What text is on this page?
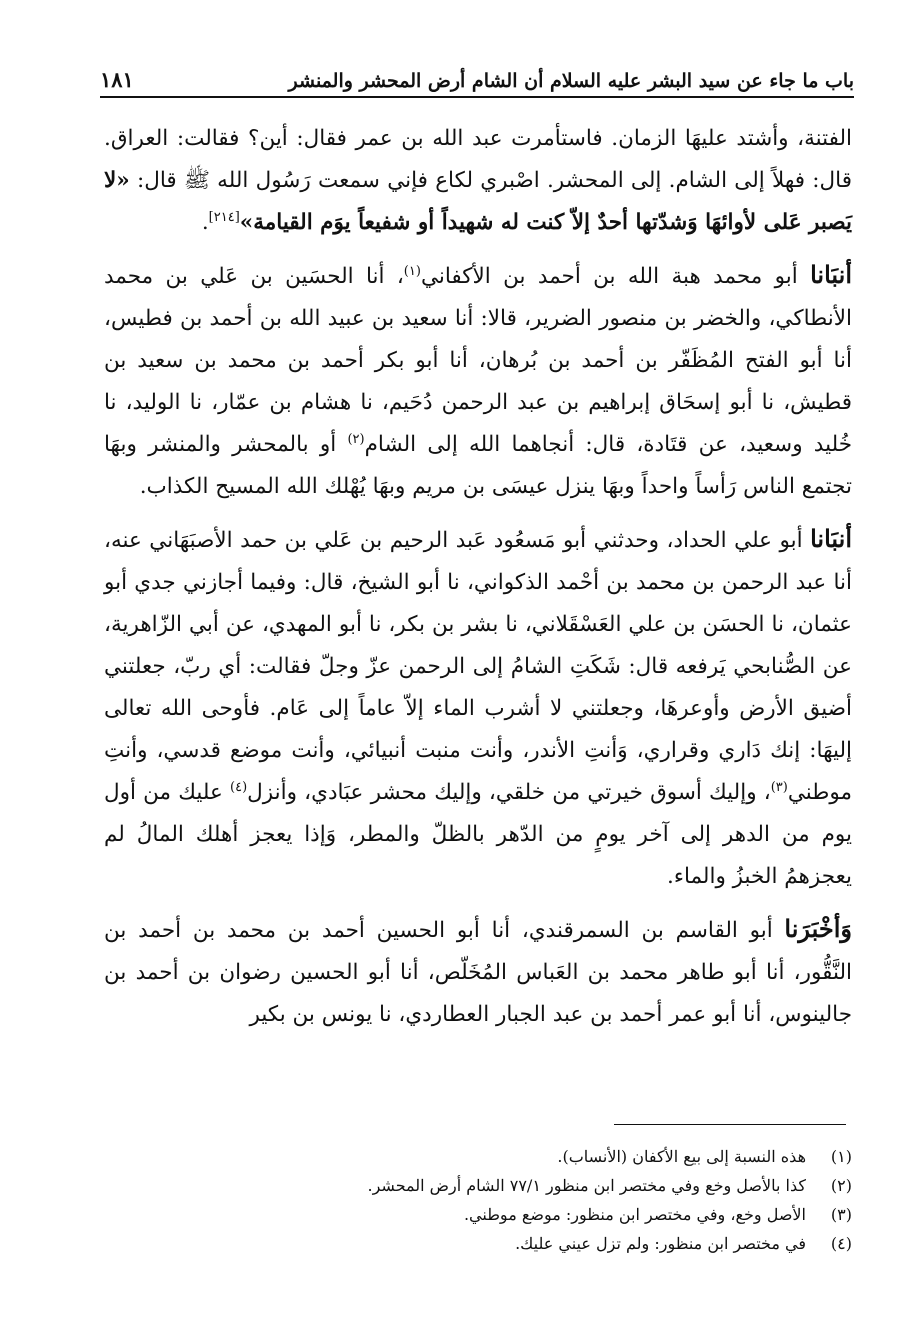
باب ما جاء عن سيد البشر عليه السلام أن الشام أرض المحشر والمنشر
١٨١

الفتنة، وأشتد عليهَا الزمان. فاستأمرت عبد الله بن عمر فقال: أين؟ فقالت: العراق. قال: فهلاً إلى الشام. إلى المحشر. اصْبري لكاع فإني سمعت رَسُول الله ﷺ قال: «لا يَصبر عَلى لأوائهَا وَشدّتها أحدٌ إلاّ كنت له شهيداً أو شفيعاً يوَم القيامة»[٢١٤].

أنبَانا أبو محمد هبة الله بن أحمد بن الأكفاني$^{(١)}$، أنا الحسَين بن عَلي بن محمد الأنطاكي، والخضر بن منصور الضرير، قالا: أنا سعيد بن عبيد الله بن أحمد بن فطيس، أنا أبو الفتح المُظَفّر بن أحمد بن بُرهان، أنا أبو بكر أحمد بن محمد بن سعيد بن قطيش، نا أبو إسحَاق إبراهيم بن عبد الرحمن دُحَيم، نا هشام بن عمّار، نا الوليد، نا خُليد وسعيد، عن قتَادة، قال: أنجاهما الله إلى الشام$^{(٢)}$ أو بالمحشر والمنشر وبهَا تجتمع الناس رَأساً واحداً وبهَا ينزل عيسَى بن مريم وبهَا يُهْلك الله المسيح الكذاب.

أنبَانا أبو علي الحداد، وحدثني أبو مَسعُود عَبد الرحيم بن عَلي بن حمد الأصبَهَاني عنه، أنا عبد الرحمن بن محمد بن أحْمد الذكواني، نا أبو الشيخ، قال: وفيما أجازني جدي أبو عثمان، نا الحسَن بن علي العَسْقَلاني، نا بشر بن بكر، نا أبو المهدي، عن أبي الزّاهرية، عن الصُّنابحي يَرفعه قال: شَكَتِ الشامُ إلى الرحمن عزّ وجلّ فقالت: أي ربّ، جعلتني أضيق الأرض وأوعرهَا، وجعلتني لا أشرب الماء إلاّ عاماً إلى عَام. فأوحى الله تعالى إليهَا: إنك دَاري وقراري، وَأنتِ الأندر، وأنت منبت أنبيائي، وأنت موضع قدسي، وأنتِ موطني$^{(٣)}$، وإليك أسوق خيرتي من خلقي، وإليك محشر عبَادي، وأنزل$^{(٤)}$ عليك من أول يوم من الدهر إلى آخر يومٍ من الدّهر بالظلّ والمطر، وَإذا يعجز أهلك المالُ لم يعجزهمُ الخبزُ والماء.

وَأخْبَرَنا أبو القاسم بن السمرقندي، أنا أبو الحسين أحمد بن محمد بن أحمد بن النَّقُّور، أنا أبو طاهر محمد بن العَباس المُخَلّص، أنا أبو الحسين رضوان بن أحمد بن جالينوس، أنا أبو عمر أحمد بن عبد الجبار العطاردي، نا يونس بن بكير

(١)
هذه النسبة إلى بيع الأكفان (الأنساب).
(٢)
كذا بالأصل وخع وفي مختصر ابن منظور ٧٧/١ الشام أرض المحشر.
(٣)
الأصل وخع، وفي مختصر ابن منظور: موضع موطني.
(٤)
في مختصر ابن منظور: ولم تزل عيني عليك.
